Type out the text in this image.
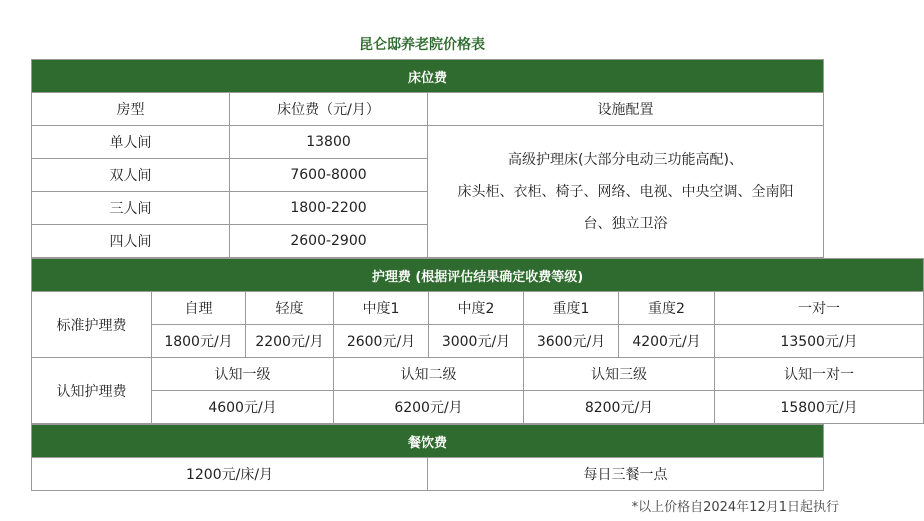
昆仑邸养老院价格表
床位费		
房型	床位费（元/月）	设施配置
单人间	13800	高级护理床(大部分电动三功能高配)、
床头柜、衣柜、椅子、网络、电视、中央空调、全南阳
台、独立卫浴

双人间	7600-8000	
三人间	1800-2200	
四人间	2600-2900	
护理费 (根据评估结果确定收费等级)							
标准护理费	自理	轻度	中度1	中度2	重度1	重度2	一对一
	1800元/月	2200元/月	2600元/月	3000元/月	3600元/月	4200元/月	13500元/月
认知护理费	认知一级		认知二级		认知三级		认知一对一
	4600元/月		6200元/月		8200元/月		15800元/月
餐饮费
1200元/床/月	每日三餐一点
*以上价格自2024年12月1日起执行
